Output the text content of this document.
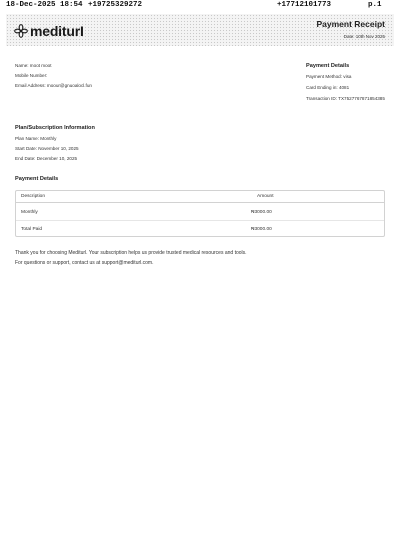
18-Dec-2025 18:54 +19725329272	+17712101773	p.1
mediturI	Payment Receipt
Date: 10th Nov 2025
Name: moot moot
Mobile Number:
Email Address: moour@gnuoalocl.fun
Payment Details
Payment Method: visa
Card Ending in: 4081
Transaction ID: TX7527767871854385
Plan/Subscription Information
Plan Name: Monthly
Start Date: November 10, 2025
End Date: December 10, 2025
Payment Details
Description	Amount
Monthly	₦3000.00
Total Paid	₦3000.00
Thank you for choosing Mediturl. Your subscription helps us provide trusted medical resources and tools.
For questions or support, contact us at support@mediturl.com.
